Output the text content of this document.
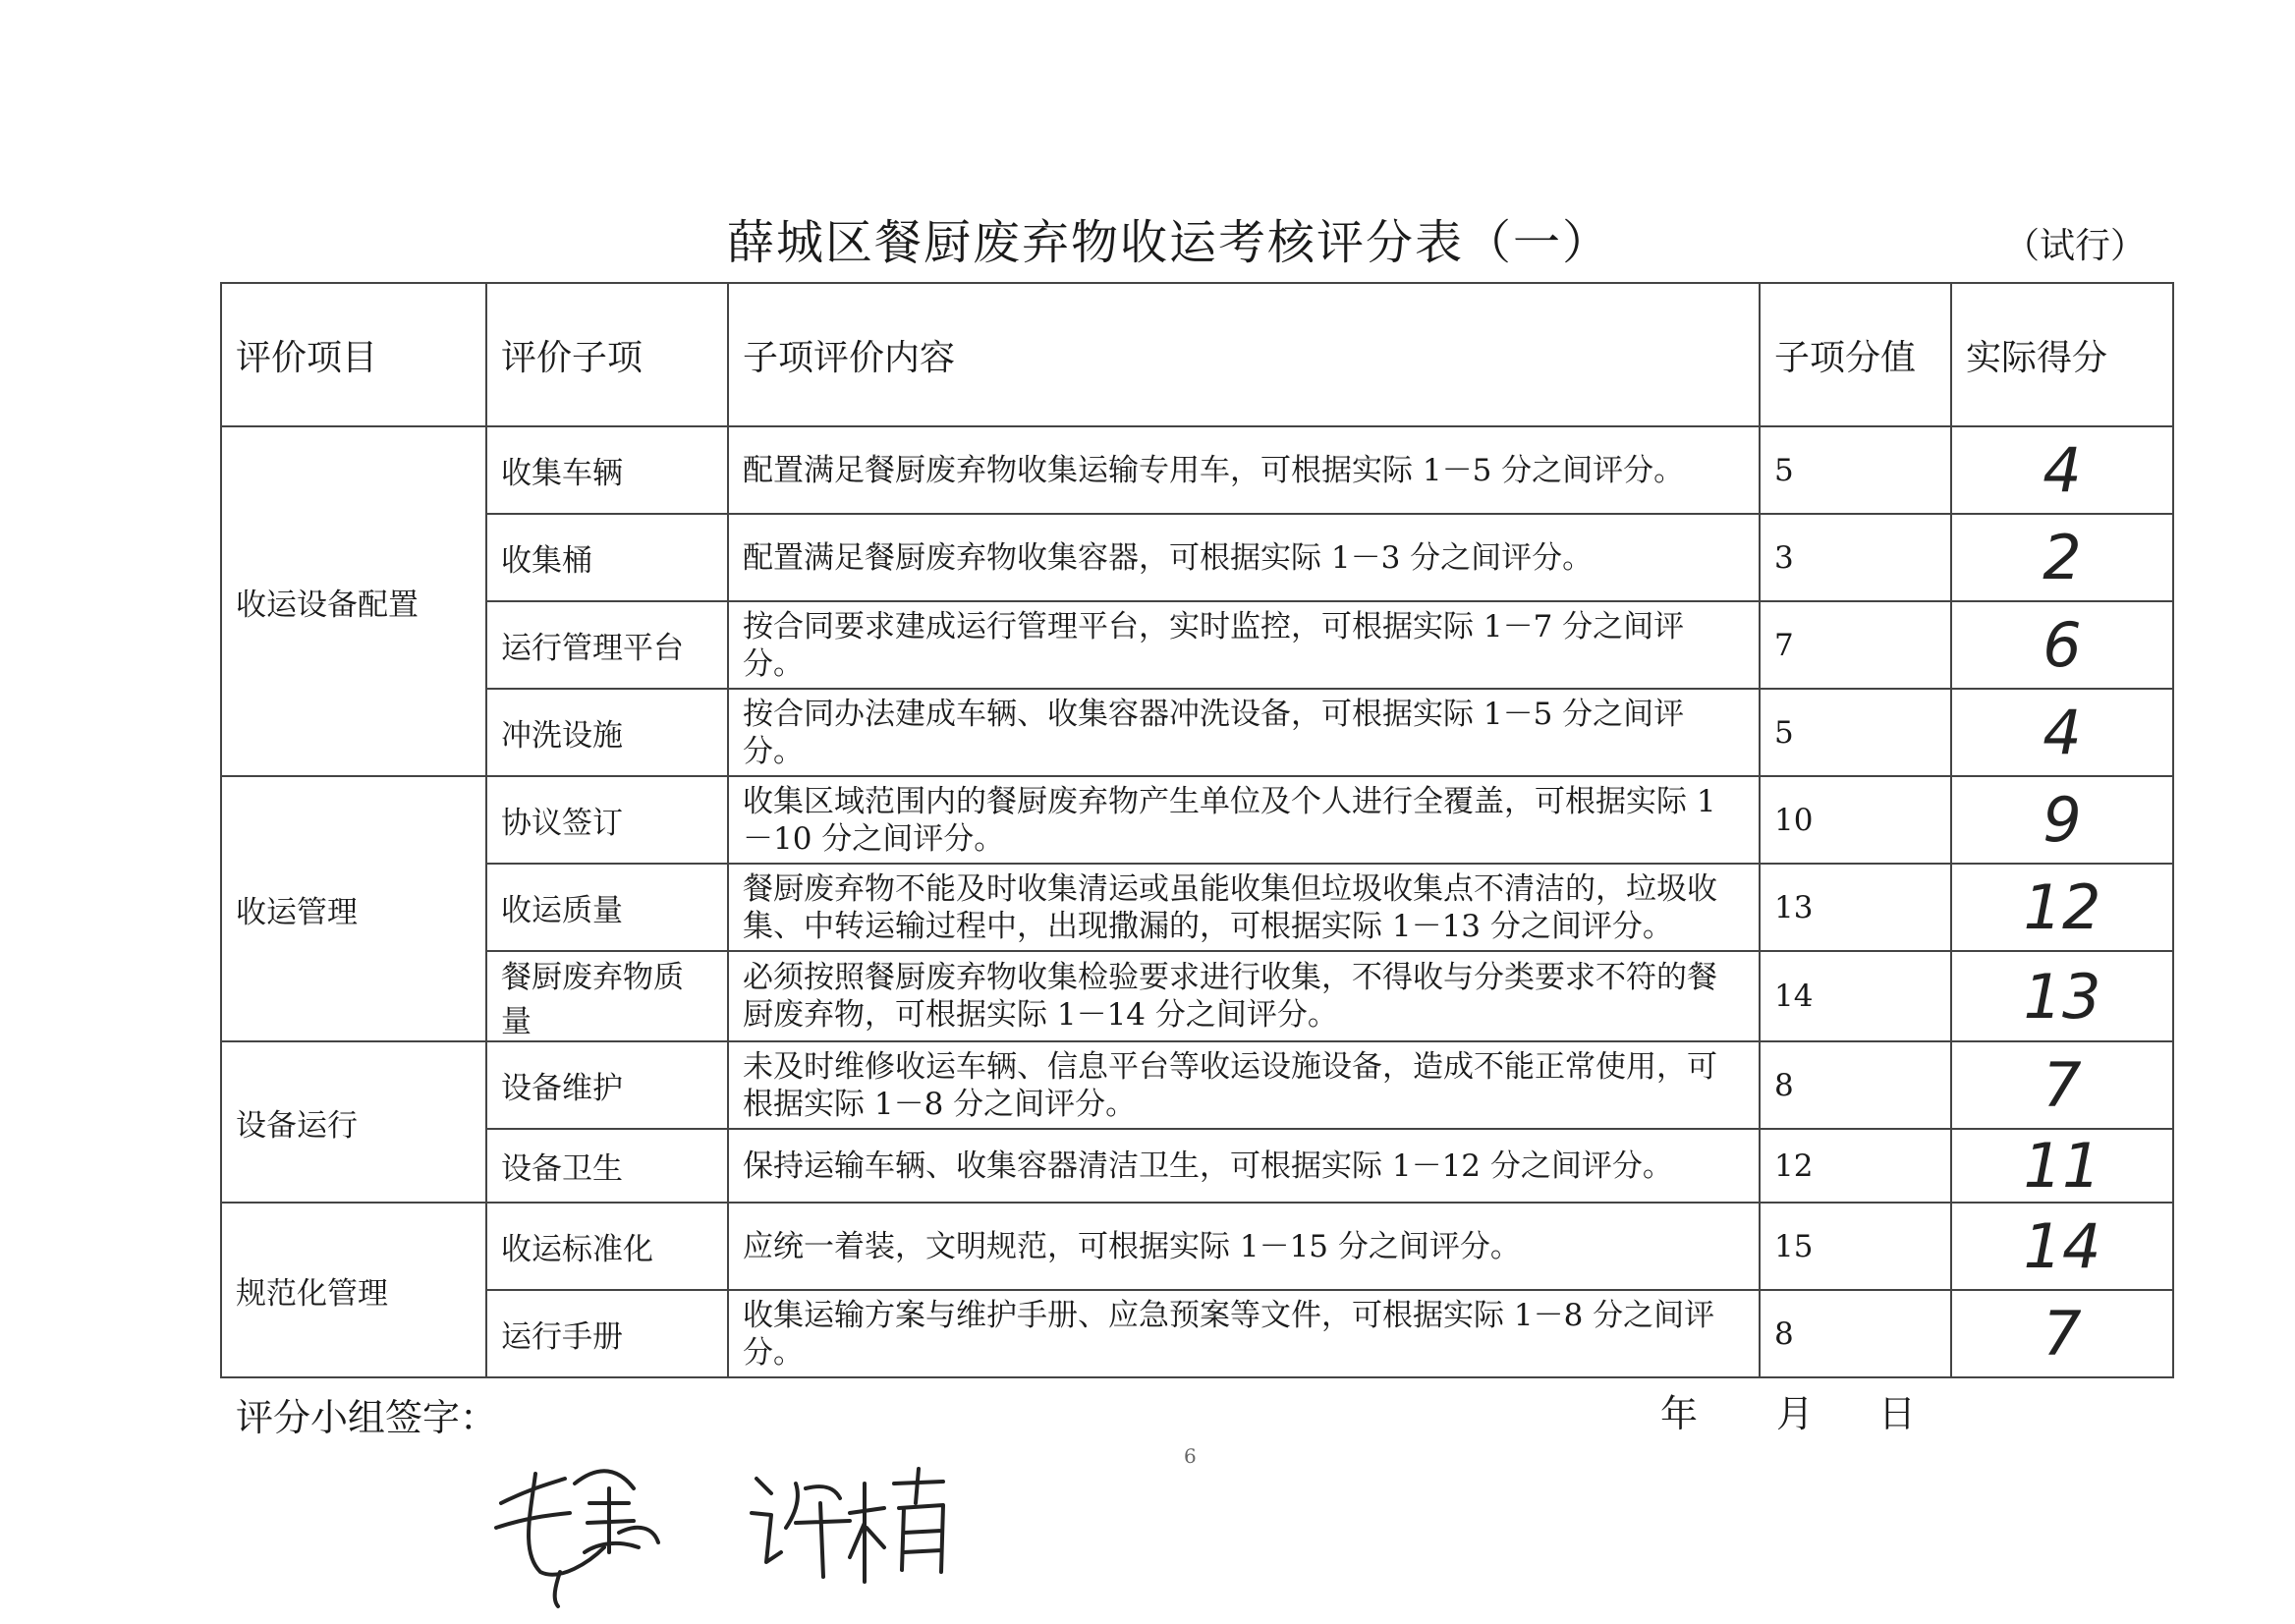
薛城区餐厨废弃物收运考核评分表（一）	（试行）
评价项目	评价子项	子项评价内容	子项分值	实际得分
收运设备配置	收集车辆	配置满足餐厨废弃物收集运输专用车，可根据实际 1－5 分之间评分。	5	4
	收集桶	配置满足餐厨废弃物收集容器，可根据实际 1－3 分之间评分。	3	2
	运行管理平台	按合同要求建成运行管理平台，实时监控，可根据实际 1－7 分之间评分。	7	6
	冲洗设施	按合同办法建成车辆、收集容器冲洗设备，可根据实际 1－5 分之间评分。	5	4
收运管理	协议签订	收集区域范围内的餐厨废弃物产生单位及个人进行全覆盖，可根据实际 1－10 分之间评分。	10	9
	收运质量	餐厨废弃物不能及时收集清运或虽能收集但垃圾收集点不清洁的，垃圾收集、中转运输过程中，出现撒漏的，可根据实际 1－13 分之间评分。	13	12
	餐厨废弃物质量	必须按照餐厨废弃物收集检验要求进行收集，不得收与分类要求不符的餐厨废弃物，可根据实际 1－14 分之间评分。	14	13
设备运行	设备维护	未及时维修收运车辆、信息平台等收运设施设备，造成不能正常使用，可根据实际 1－8 分之间评分。	8	7
	设备卫生	保持运输车辆、收集容器清洁卫生，可根据实际 1－12 分之间评分。	12	11
规范化管理	收运标准化	应统一着装，文明规范，可根据实际 1－15 分之间评分。	15	14
	运行手册	收集运输方案与维护手册、应急预案等文件，可根据实际 1－8 分之间评分。	8	7
评分小组签字：	年 月 日
6
